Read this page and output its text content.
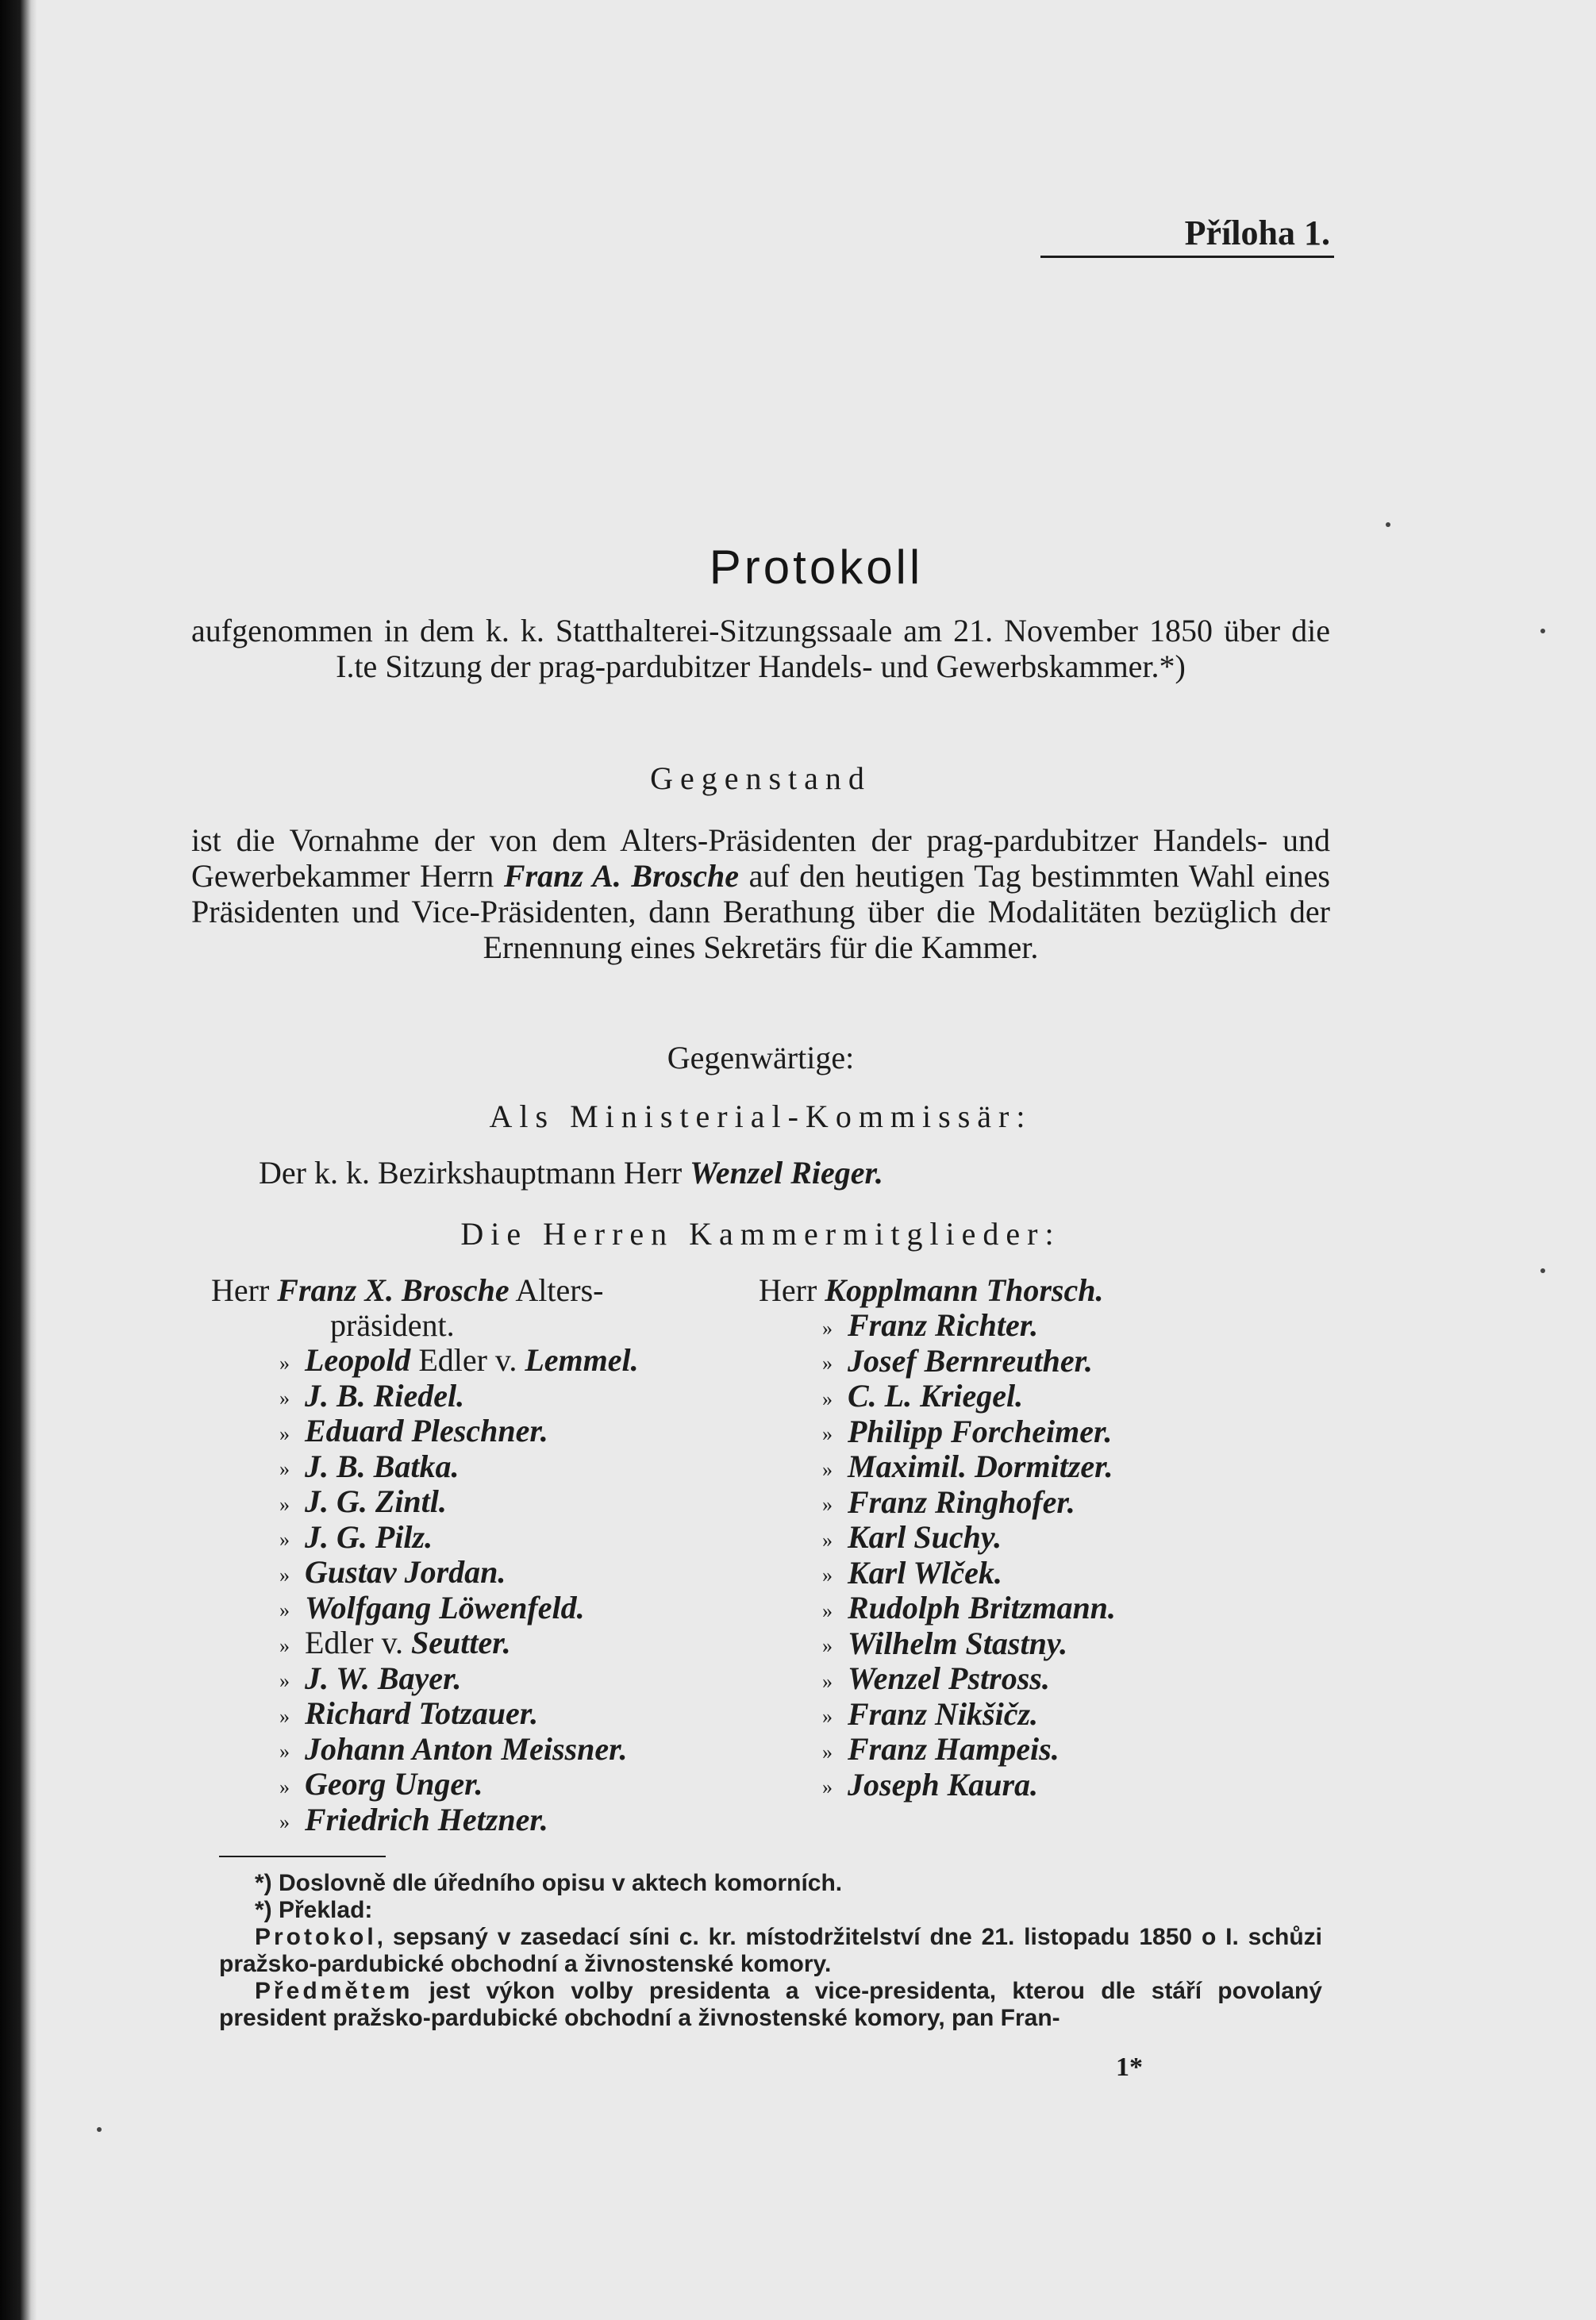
Příloha 1.
Protokoll
aufgenommen in dem k. k. Statthalterei-Sitzungssaale am 21. November 1850 über die I.te Sitzung der prag-pardubitzer Handels- und Gewerbskammer.*)
Gegenstand
ist die Vornahme der von dem Alters-Präsidenten der prag-pardubitzer Handels- und Gewerbekammer Herrn Franz A. Brosche auf den heutigen Tag bestimmten Wahl eines Präsidenten und Vice-Präsidenten, dann Berathung über die Modalitäten bezüglich der Ernennung eines Sekretärs für die Kammer.
Gegenwärtige:
Als Ministerial-Kommissär:
Der k. k. Bezirkshauptmann Herr Wenzel Rieger.
Die Herren Kammermitglieder:
Herr Franz X. Brosche Alters-
präsident.
» Leopold Edler v. Lemmel.
» J. B. Riedel.
» Eduard Pleschner.
» J. B. Batka.
» J. G. Zintl.
» J. G. Pilz.
» Gustav Jordan.
» Wolfgang Löwenfeld.
» Edler v. Seutter.
» J. W. Bayer.
» Richard Totzauer.
» Johann Anton Meissner.
» Georg Unger.
» Friedrich Hetzner.
Herr Kopplmann Thorsch.
» Franz Richter.
» Josef Bernreuther.
» C. L. Kriegel.
» Philipp Forcheimer.
» Maximil. Dormitzer.
» Franz Ringhofer.
» Karl Suchy.
» Karl Wlček.
» Rudolph Britzmann.
» Wilhelm Stastny.
» Wenzel Pstross.
» Franz Nikšičz.
» Franz Hampeis.
» Joseph Kaura.
*) Doslovně dle úředního opisu v aktech komorních.
*) Překlad:
Protokol, sepsaný v zasedací síni c. kr. místodržitelství dne 21. listopadu 1850 o I. schůzi pražsko-pardubické obchodní a živnostenské komory.
Předmětem jest výkon volby presidenta a vice-presidenta, kterou dle stáří povolaný president pražsko-pardubické obchodní a živnostenské komory, pan Fran-
1*
